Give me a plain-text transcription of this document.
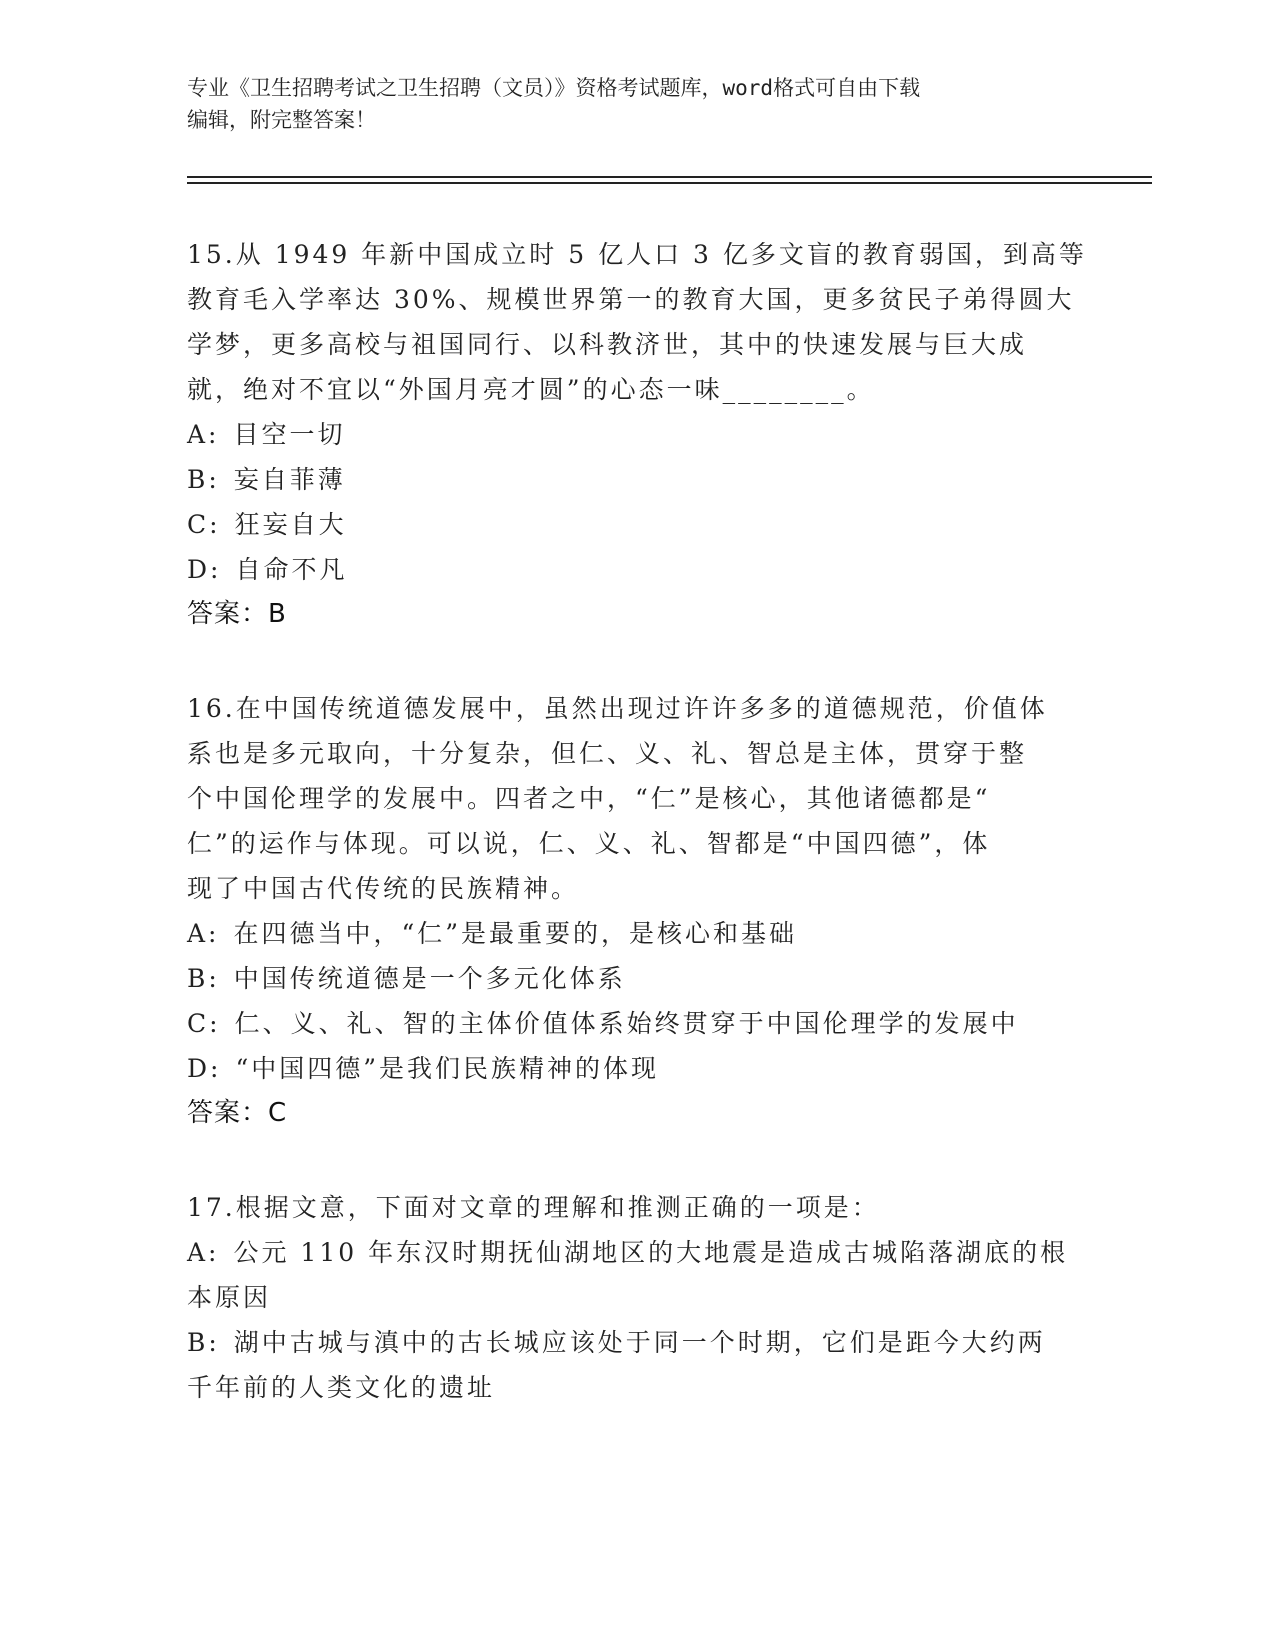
专业《卫生招聘考试之卫生招聘（文员）》资格考试题库，word格式可自由下载
编辑，附完整答案！

15.从 1949 年新中国成立时 5 亿人口 3 亿多文盲的教育弱国，到高等
教育毛入学率达 30%、规模世界第一的教育大国，更多贫民子弟得圆大
学梦，更多高校与祖国同行、以科教济世，其中的快速发展与巨大成
就，绝对不宜以“外国月亮才圆”的心态一味________。

A: 目空一切
B: 妄自菲薄
C: 狂妄自大
D: 自命不凡
答案：B

16.在中国传统道德发展中，虽然出现过许许多多的道德规范，价值体
系也是多元取向，十分复杂，但仁、义、礼、智总是主体，贯穿于整
个中国伦理学的发展中。四者之中，“仁”是核心，其他诸德都是“
仁”的运作与体现。可以说，仁、义、礼、智都是“中国四德”，体
现了中国古代传统的民族精神。

A: 在四德当中，“仁”是最重要的，是核心和基础
B: 中国传统道德是一个多元化体系
C: 仁、义、礼、智的主体价值体系始终贯穿于中国伦理学的发展中
D: “中国四德”是我们民族精神的体现
答案：C

17.根据文意，下面对文章的理解和推测正确的一项是：

A: 公元 110 年东汉时期抚仙湖地区的大地震是造成古城陷落湖底的根
本原因
B: 湖中古城与滇中的古长城应该处于同一个时期，它们是距今大约两
千年前的人类文化的遗址
